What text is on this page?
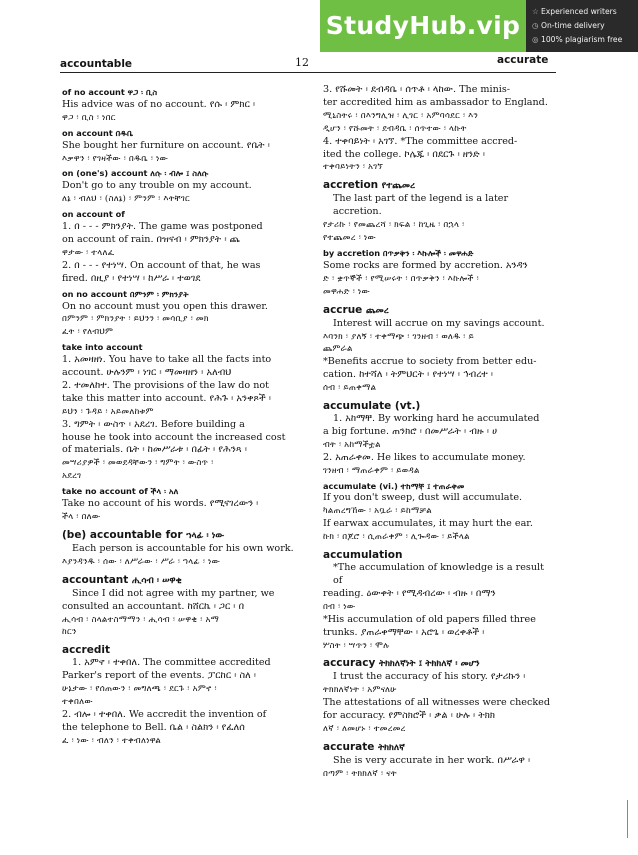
StudyHub.vip	☆ Experienced writers
◷ On-time delivery
◎ 100% plagiarism free
accountable	12	accurate
of no account ዋጋ ፡ ቢስ
His advice was of no account. የሱ ፡ ምክር ፡
ዋጋ ፡ ቢስ ፡ ነበር
on account በዱቤ
She bought her furniture on account. የቤት ፡
እቃዋን ፡ የገዛችው ፡ በዱቤ ፡ ነው
on (one's) account ለሱ ፡ ብሎ ፤ ስለሱ
Don't go to any trouble on my account.
ለኔ ፡ ብለህ ፡ (ስለኔ) ፡ ምንም ፡ እትቸገር
on account of
1. በ - - - ምክንያት. The game was postponed
on account of rain. በዝናብ ፡ ምክንያት ፡ ጨ
ዋታው ፡ ተላለፈ
2. በ - - - የተነሣ. On account of that, he was
fired. በዚያ ፡ የተነሣ ፡ ከሥራ ፡ ተወገደ
on no account በምንም ፡ ምክንያት
On no account must you open this drawer.
በምንም ፡ ምክንያት ፡ ይህንን ፡ መሳቢያ ፡ መክ
ፈት ፡ የለብህም
take into account
1. አመዛዘነ. You have to take all the facts into
account. ሁሉንም ፡ ነገር ፡ ማመዛዘን ፡ አለብህ
2. ተመለከተ. The provisions of the law do not
take this matter into account. የሕጉ ፡ አንቀጾች ፡
ይህን ፡ ጉዳይ ፡ አይመለከቱም
3. ግምት ፡ ውስጥ ፡ አደረገ. Before building a
house he took into account the increased cost
of materials. ቤት ፡ ከመሥራቱ ፡ በፊት ፡ የሕንጻ ፡
መሣሪያዎች ፡ መወደዳቸውን ፡ ግምት ፡ ውስጥ ፡
አደረገ
take no account of ችላ ፡ አለ
Take no account of his words. የሚናገረውን ፡
ችላ ፡ በለው
(be) accountable for ኀላፊ ፡ ነው
Each person is accountable for his own work.
እያንዳንዱ ፡ ሰው ፡ ለሥራው ፡ ሥራ ፡ ኀላፊ ፡ ነው
accountant ሒሳብ ፡ ሠዋቂ
Since I did not agree with my partner, we
consulted an accountant. ከሸርኬ ፡ ጋር ፡ በ
ሒሳብ ፡ ስላልተስማማን ፡ ሒሳብ ፡ ሠዋቂ ፡ አማ
ከርን
accredit
1. አምኖ ፡ ተቀበለ. The committee accredited
Parker's report of the events. ፓርከር ፡ ስለ ፡
ሁኔታው ፡ የሰጠውን ፡ መግለጫ ፡ ደርጉ ፡ አምኖ ፡
ተቀበለው
2. ብሎ ፡ ተቀበለ. We accredit the invention of
the telephone to Bell. ቤል ፡ ስልክን ፡ የፈለሰ
ፈ ፡ ነው ፡ ብለን ፡ ተቀብለነዋል
3. የሹመት ፡ ደብዳቤ ፡ ሰጥቶ ፡ ላከው. The minis-
ter accredited him as ambassador to England.
ሚኒስትሩ ፡ በእንግሊዝ ፡ ሊገር ፡ አምባሳደር ፡ እን
ዲሆን ፡ የሹመት ፡ ደብዳቤ ፡ ሰጥተው ፡ ላኩት
4. ተቀባይነት ፡ አገኘ. *The committee accred-
ited the college. ኮሌጁ ፡ በደርጉ ፡ ዘንድ ፡
ተቀባይነትን ፡ አገኘ
accretion የተጨመረ
The last part of the legend is a later accretion.
የታሪኩ ፡ የመጨረሻ ፡ ክፍል ፡ ከጊዜ ፡ በኋላ ፡
የተጨመረ ፡ ነው
by accretion በጥቃቅን ፡ እኩሎች ፡ መዋሐድ
Some rocks are formed by accretion. አንዳን
ድ ፡ ቋጥኞች ፡ የሚሠሩት ፡ በጥቃቅን ፡ እኩሎች ፡
መዋሐድ ፡ ነው
accrue ጨመረ
Interest will accrue on my savings account.
እባንክ ፡ ያለኝ ፡ ተቀማጭ ፡ ገንዘብ ፡ ወለዱ ፡ ይ
ጨምራል
*Benefits accrue to society from better edu-
cation. ከተሻለ ፡ ትምህርት ፡ የተነሣ ፡ ኅብረተ ፡
ሰብ ፡ ይጠቀማል
accumulate (vt.)
1. አከማቸ. By working hard he accumulated
a big fortune. ጠንክሮ ፡ በመሥራት ፡ ብዙ ፡ ሀ
ብት ፡ አከማችቷል
2. አጠራቀመ. He likes to accumulate money.
ገንዘብ ፡ ማጠራቀም ፡ ይወዳል
accumulate (vi.) ተከማቸ ፤ ተጠራቀመ
If you don't sweep, dust will accumulate.
ካልጠረግኸው ፡ አቧራ ፡ ይከማቻል
If earwax accumulates, it may hurt the ear.
ኩክ ፡ በጆሮ ፡ ሲጠራቀም ፡ ሊጐዳው ፡ ይችላል
accumulation
*The accumulation of knowledge is a result of
reading. ዕውቀት ፡ የሚዳብረው ፡ ብዙ ፡ በማን
በብ ፡ ነው
*His accumulation of old papers filled three
trunks. ያጠራቀማቸው ፡ አሮጌ ፡ ወረቀቶች ፡
ሦስት ፡ ሣጥን ፡ ሞሉ
accuracy ትክክለኛነት ፤ ትክክለኛ ፡ መሆን
I trust the accuracy of his story. የታሪኩን ፡
ትክክለኛነት ፡ አምናለሁ
The attestations of all witnesses were checked
for accuracy. የምስክሮች ፡ ቃል ፡ ሁሉ ፡ ትክክ
ለኛ ፡ ለመሆኑ ፡ ተመረመረ
accurate ትክክለኛ
She is very accurate in her work. በሥራዋ ፡
በጣም ፡ ትክክለኛ ፡ ናት
